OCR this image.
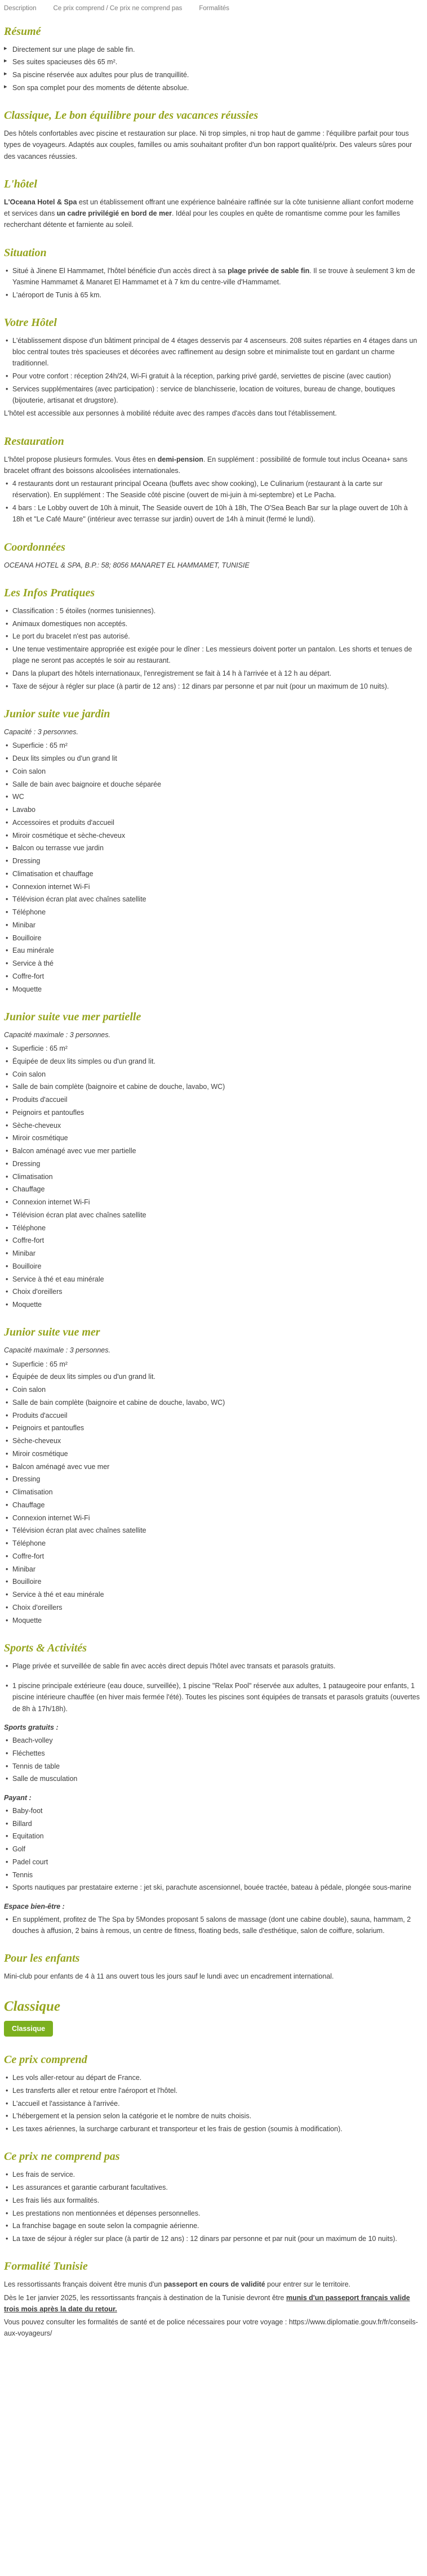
Description	Ce prix comprend / Ce prix ne comprend pas	Formalités
Résumé
▸ Directement sur une plage de sable fin.
▸ Ses suites spacieuses dès 65 m².
▸ Sa piscine réservée aux adultes pour plus de tranquillité.
▸ Son spa complet pour des moments de détente absolue.
Classique, Le bon équilibre pour des vacances réussies

Des hôtels confortables avec piscine et restauration sur place. Ni trop simples, ni trop haut de gamme : l'équilibre parfait pour tous types de voyageurs. Adaptés aux couples, familles ou amis souhaitant profiter d'un bon rapport qualité/prix. Des valeurs sûres pour des vacances réussies.

L'hôtel

L'Oceana Hotel & Spa est un établissement offrant une expérience balnéaire raffinée sur la côte tunisienne alliant confort moderne et services dans un cadre privilégié en bord de mer. Idéal pour les couples en quête de romantisme comme pour les familles recherchant détente et farniente au soleil.

Situation
• Situé à Jinene El Hammamet, l'hôtel bénéficie d'un accès direct à sa plage privée de sable fin. Il se trouve à seulement 3 km de Yasmine Hammamet & Manaret El Hammamet et à 7 km du centre-ville d'Hammamet.
• L'aéroport de Tunis à 65 km.
Votre Hôtel
• L'établissement dispose d'un bâtiment principal de 4 étages desservis par 4 ascenseurs. 208 suites réparties en 4 étages dans un bloc central toutes très spacieuses et décorées avec raffinement au design sobre et minimaliste tout en gardant un charme traditionnel.
• Pour votre confort : réception 24h/24, Wi-Fi gratuit à la réception, parking privé gardé, serviettes de piscine (avec caution)
• Services supplémentaires (avec participation) : service de blanchisserie, location de voitures, bureau de change, boutiques (bijouterie, artisanat et drugstore).

L'hôtel est accessible aux personnes à mobilité réduite avec des rampes d'accès dans tout l'établissement.

Restauration

L'hôtel propose plusieurs formules. Vous êtes en demi-pension. En supplément : possibilité de formule tout inclus Oceana+ sans bracelet offrant des boissons alcoolisées internationales.

• 4 restaurants dont un restaurant principal Oceana (buffets avec show cooking), Le Culinarium (restaurant à la carte sur réservation). En supplément : The Seaside côté piscine (ouvert de mi-juin à mi-septembre) et Le Pacha.
• 4 bars : Le Lobby ouvert de 10h à minuit, The Seaside ouvert de 10h à 18h, The O'Sea Beach Bar sur la plage ouvert de 10h à 18h et "Le Café Maure" (intérieur avec terrasse sur jardin) ouvert de 14h à minuit (fermé le lundi).
Coordonnées

OCEANA HOTEL & SPA, B.P.: 58; 8056 MANARET EL HAMMAMET, TUNISIE

Les Infos Pratiques
• Classification : 5 étoiles (normes tunisiennes).
• Animaux domestiques non acceptés.
• Le port du bracelet n'est pas autorisé.
• Une tenue vestimentaire appropriée est exigée pour le dîner : Les messieurs doivent porter un pantalon. Les shorts et tenues de plage ne seront pas acceptés le soir au restaurant.
• Dans la plupart des hôtels internationaux, l'enregistrement se fait à 14 h à l'arrivée et à 12 h au départ.
• Taxe de séjour à régler sur place (à partir de 12 ans) : 12 dinars par personne et par nuit (pour un maximum de 10 nuits).
Junior suite vue jardin

Capacité : 3 personnes.

• Superficie : 65 m²
• Deux lits simples ou d'un grand lit
• Coin salon
• Salle de bain avec baignoire et douche séparée
• WC
• Lavabo
• Accessoires et produits d'accueil
• Miroir cosmétique et sèche-cheveux
• Balcon ou terrasse vue jardin
• Dressing
• Climatisation et chauffage
• Connexion internet Wi-Fi
• Télévision écran plat avec chaînes satellite
• Téléphone
• Minibar
• Bouilloire
• Eau minérale
• Service à thé
• Coffre-fort
• Moquette
Junior suite vue mer partielle

Capacité maximale : 3 personnes.

• Superficie : 65 m²
• Équipée de deux lits simples ou d'un grand lit.
• Coin salon
• Salle de bain complète (baignoire et cabine de douche, lavabo, WC)
• Produits d'accueil
• Peignoirs et pantoufles
• Sèche-cheveux
• Miroir cosmétique
• Balcon aménagé avec vue mer partielle
• Dressing
• Climatisation
• Chauffage
• Connexion internet Wi-Fi
• Télévision écran plat avec chaînes satellite
• Téléphone
• Coffre-fort
• Minibar
• Bouilloire
• Service à thé et eau minérale
• Choix d'oreillers
• Moquette
Junior suite vue mer

Capacité maximale : 3 personnes.

• Superficie : 65 m²
• Équipée de deux lits simples ou d'un grand lit.
• Coin salon
• Salle de bain complète (baignoire et cabine de douche, lavabo, WC)
• Produits d'accueil
• Peignoirs et pantoufles
• Sèche-cheveux
• Miroir cosmétique
• Balcon aménagé avec vue mer
• Dressing
• Climatisation
• Chauffage
• Connexion internet Wi-Fi
• Télévision écran plat avec chaînes satellite
• Téléphone
• Coffre-fort
• Minibar
• Bouilloire
• Service à thé et eau minérale
• Choix d'oreillers
• Moquette
Sports & Activités
• Plage privée et surveillée de sable fin avec accès direct depuis l'hôtel avec transats et parasols gratuits.
• 1 piscine principale extérieure (eau douce, surveillée), 1 piscine "Relax Pool" réservée aux adultes, 1 pataugeoire pour enfants, 1 piscine intérieure chauffée (en hiver mais fermée l'été). Toutes les piscines sont équipées de transats et parasols gratuits (ouvertes de 8h à 17h/18h).

Sports gratuits :

• Beach-volley
• Fléchettes
• Tennis de table
• Salle de musculation

Payant :

• Baby-foot
• Billard
• Equitation
• Golf
• Padel court
• Tennis
• Sports nautiques par prestataire externe : jet ski, parachute ascensionnel, bouée tractée, bateau à pédale, plongée sous-marine

Espace bien-être :

• En supplément, profitez de The Spa by 5Mondes proposant 5 salons de massage (dont une cabine double), sauna, hammam, 2 douches à affusion, 2 bains à remous, un centre de fitness, floating beds, salle d'esthétique, salon de coiffure, solarium.
Pour les enfants

Mini-club pour enfants de 4 à 11 ans ouvert tous les jours sauf le lundi avec un encadrement international.

Classique
Classique
Ce prix comprend
• Les vols aller-retour au départ de France.
• Les transferts aller et retour entre l'aéroport et l'hôtel.
• L'accueil et l'assistance à l'arrivée.
• L'hébergement et la pension selon la catégorie et le nombre de nuits choisis.
• Les taxes aériennes, la surcharge carburant et transporteur et les frais de gestion (soumis à modification).
Ce prix ne comprend pas
• Les frais de service.
• Les assurances et garantie carburant facultatives.
• Les frais liés aux formalités.
• Les prestations non mentionnées et dépenses personnelles.
• La franchise bagage en soute selon la compagnie aérienne.
• La taxe de séjour à régler sur place (à partir de 12 ans) : 12 dinars par personne et par nuit (pour un maximum de 10 nuits).
Formalité Tunisie

Les ressortissants français doivent être munis d'un passeport en cours de validité pour entrer sur le territoire.

Dès le 1er janvier 2025, les ressortissants français à destination de la Tunisie devront être munis d'un passeport français valide trois mois après la date du retour.

Vous pouvez consulter les formalités de santé et de police nécessaires pour votre voyage : https://www.diplomatie.gouv.fr/fr/conseils-aux-voyageurs/
